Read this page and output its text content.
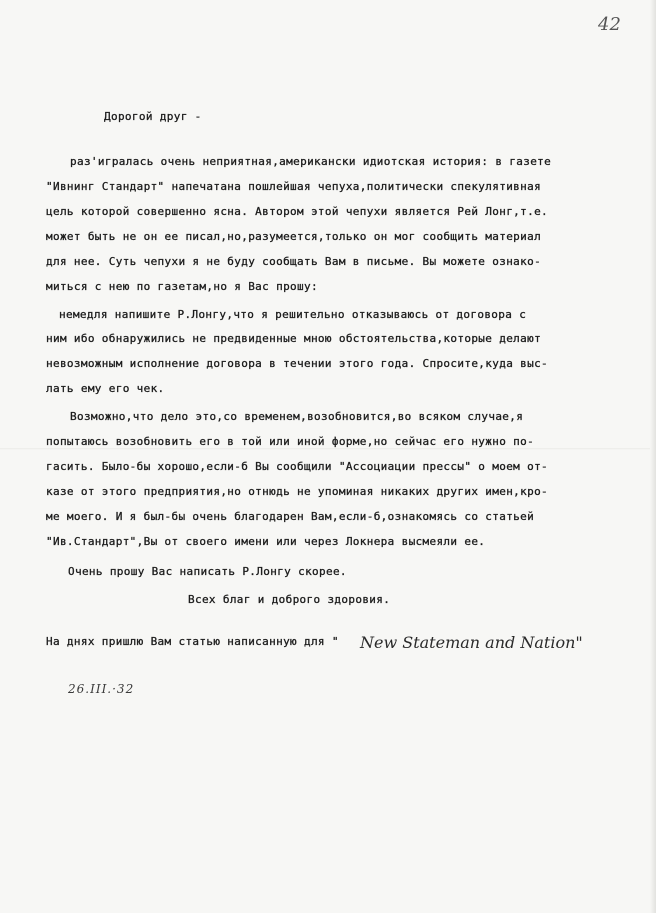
42
Дорогой друг -
раз'игралась очень неприятная,американски идиотская история: в газете
"Ивнинг Стандарт" напечатана пошлейшая чепуха,политически спекулятивная
цель которой совершенно ясна. Автором этой чепухи является Рей Лонг,т.е.
может быть не он ее писал,но,разумеется,только он мог сообщить материал
для нее. Суть чепухи я не буду сообщать Вам в письме. Вы можете ознако-
миться с нею по газетам,но я Вас прошу:
немедля напишите Р.Лонгу,что я решительно отказываюсь от договора с
ним ибо обнаружились не предвиденные мною обстоятельства,которые делают
невозможным исполнение договора в течении этого года. Спросите,куда выс-
лать ему его чек.
Возможно,что дело это,со временем,возобновится,во всяком случае,я
попытаюсь возобновить его в той или иной форме,но сейчас его нужно по-
гасить. Было-бы хорошо,если-б Вы сообщили "Ассоциации прессы" о моем от-
казе от этого предприятия,но отнюдь не упоминая никаких других имен,кро-
ме моего. И я был-бы очень благодарен Вам,если-б,ознакомясь со статьей
"Ив.Стандарт",Вы от своего имени или через Локнера высмеяли ее.
Очень прошу Вас написать Р.Лонгу скорее.
Всех благ и доброго здоровия.
На днях пришлю Вам статью написанную для " New Stateman and Nation"
26.III.·32
